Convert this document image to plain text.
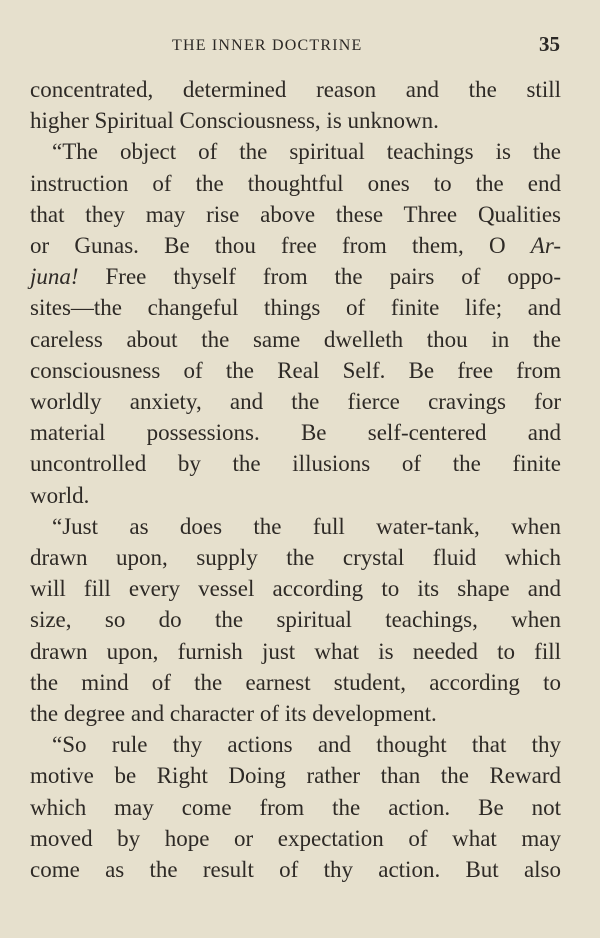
THE INNER DOCTRINE	35
concentrated, determined reason and the still
higher Spiritual Consciousness, is unknown.
“The object of the spiritual teachings is the
instruction of the thoughtful ones to the end
that they may rise above these Three Qualities
or Gunas. Be thou free from them, O Ar-
juna! Free thyself from the pairs of oppo-
sites—the changeful things of finite life; and
careless about the same dwelleth thou in the
consciousness of the Real Self. Be free from
worldly anxiety, and the fierce cravings for
material possessions. Be self-centered and
uncontrolled by the illusions of the finite
world.
“Just as does the full water-tank, when
drawn upon, supply the crystal fluid which
will fill every vessel according to its shape and
size, so do the spiritual teachings, when
drawn upon, furnish just what is needed to fill
the mind of the earnest student, according to
the degree and character of its development.
“So rule thy actions and thought that thy
motive be Right Doing rather than the Reward
which may come from the action. Be not
moved by hope or expectation of what may
come as the result of thy action. But also
